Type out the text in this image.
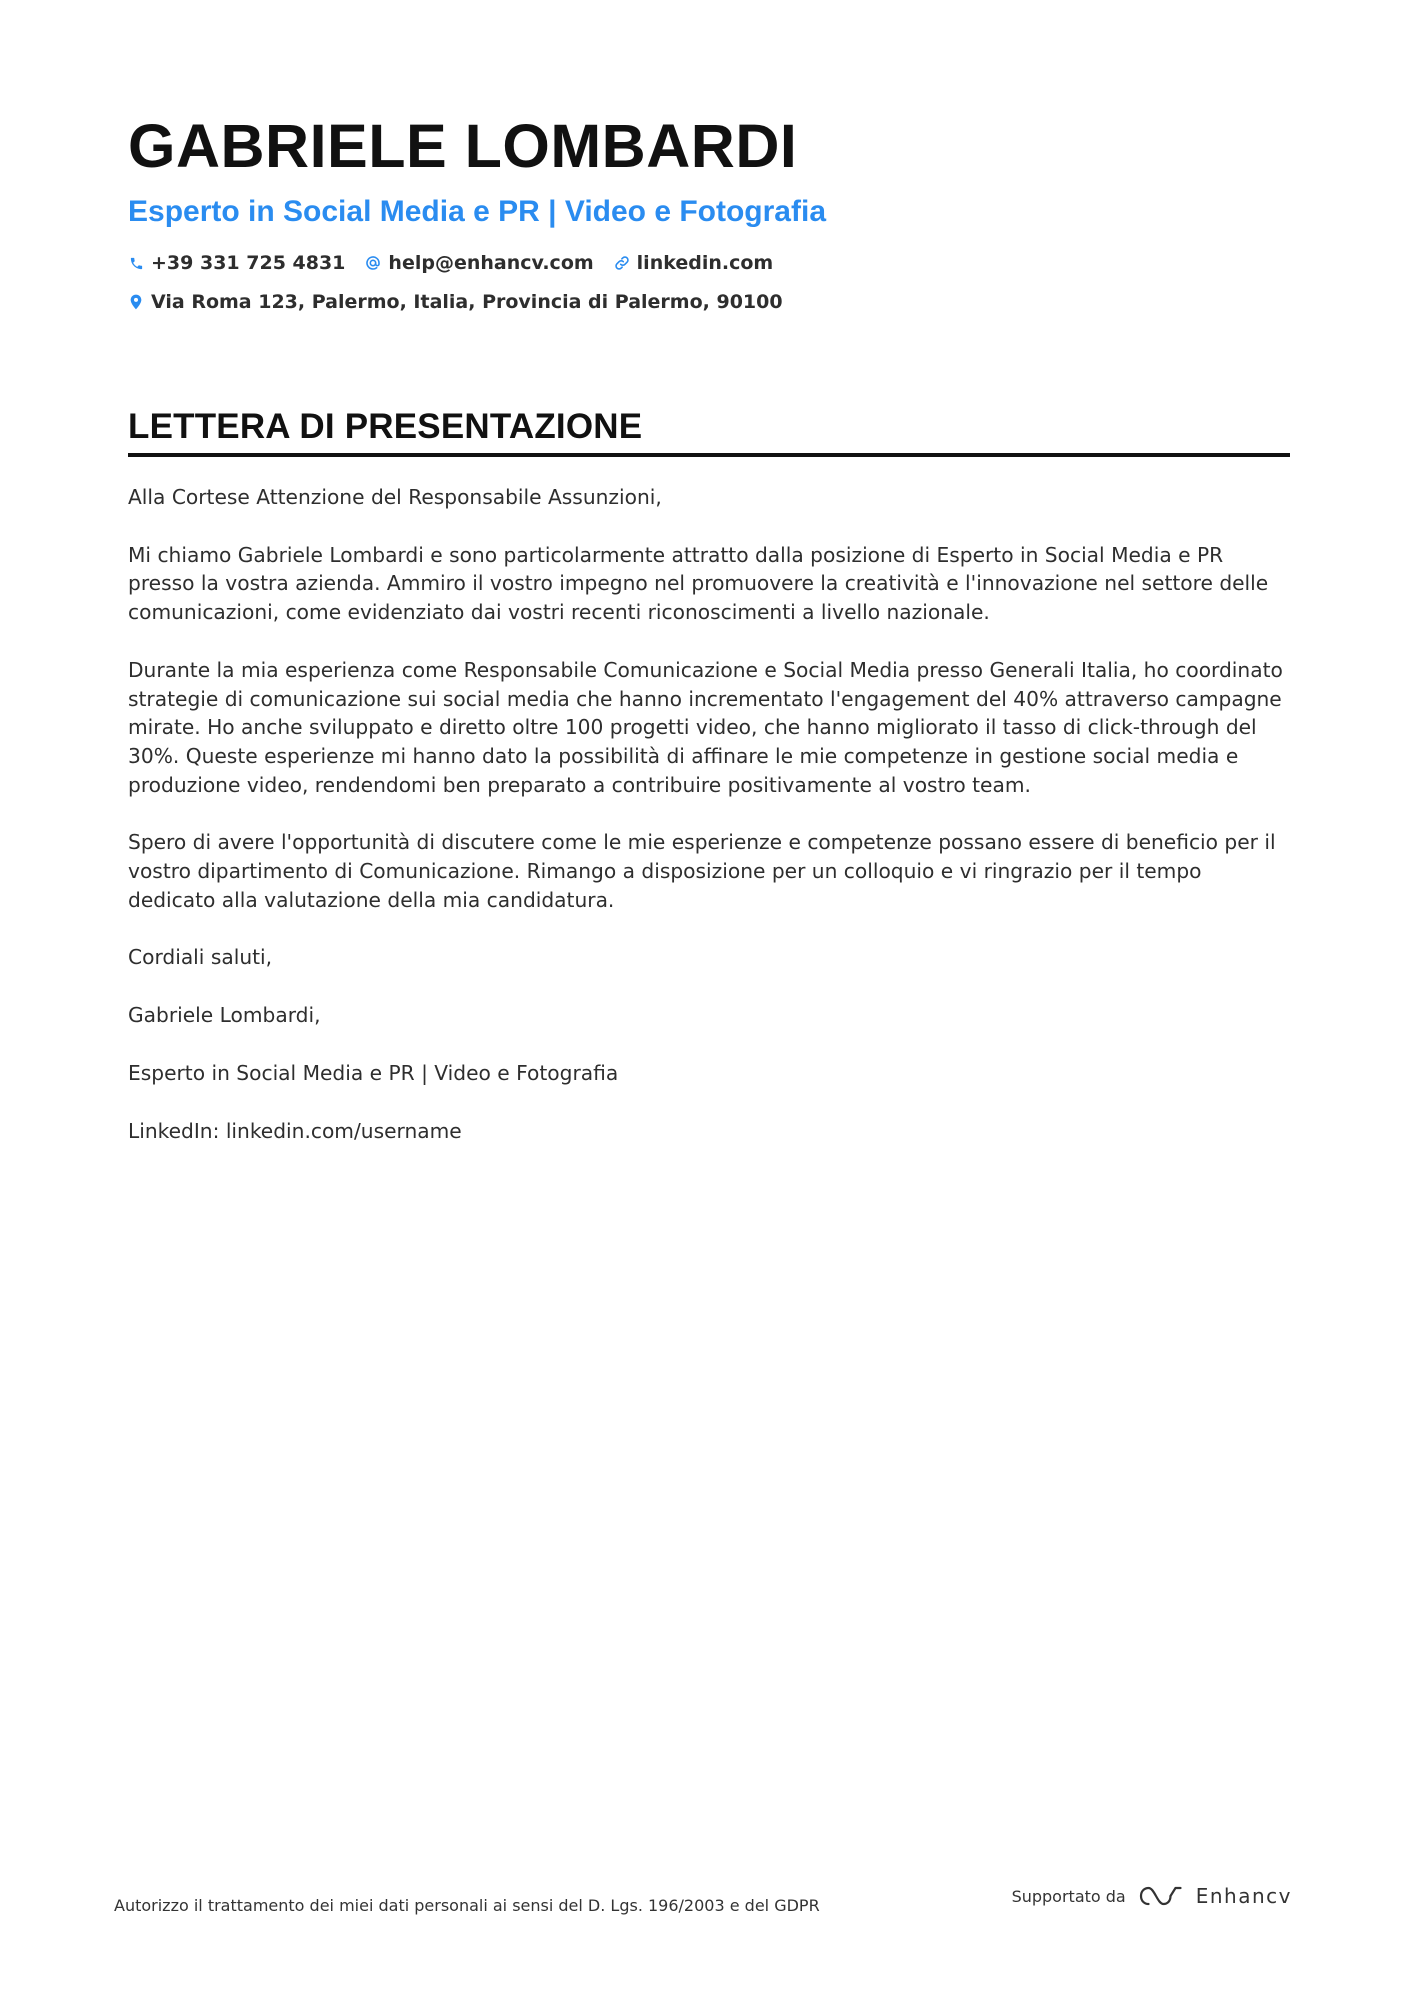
GABRIELE LOMBARDI
Esperto in Social Media e PR | Video e Fotografia
+39 331 725 4831 help@enhancv.com linkedin.com
Via Roma 123, Palermo, Italia, Provincia di Palermo, 90100
LETTERA DI PRESENTAZIONE

Alla Cortese Attenzione del Responsabile Assunzioni,

Mi chiamo Gabriele Lombardi e sono particolarmente attratto dalla posizione di Esperto in Social Media e PR presso la vostra azienda. Ammiro il vostro impegno nel promuovere la creatività e l'innovazione nel settore delle comunicazioni, come evidenziato dai vostri recenti riconoscimenti a livello nazionale.

Durante la mia esperienza come Responsabile Comunicazione e Social Media presso Generali Italia, ho coordinato strategie di comunicazione sui social media che hanno incrementato l'engagement del 40% attraverso campagne mirate. Ho anche sviluppato e diretto oltre 100 progetti video, che hanno migliorato il tasso di click-through del 30%. Queste esperienze mi hanno dato la possibilità di affinare le mie competenze in gestione social media e produzione video, rendendomi ben preparato a contribuire positivamente al vostro team.

Spero di avere l'opportunità di discutere come le mie esperienze e competenze possano essere di beneficio per il vostro dipartimento di Comunicazione. Rimango a disposizione per un colloquio e vi ringrazio per il tempo dedicato alla valutazione della mia candidatura.

Cordiali saluti,

Gabriele Lombardi,

Esperto in Social Media e PR | Video e Fotografia

LinkedIn: linkedin.com/username

Autorizzo il trattamento dei miei dati personali ai sensi del D. Lgs. 196/2003 e del GDPR	Supportato da	Enhancv
